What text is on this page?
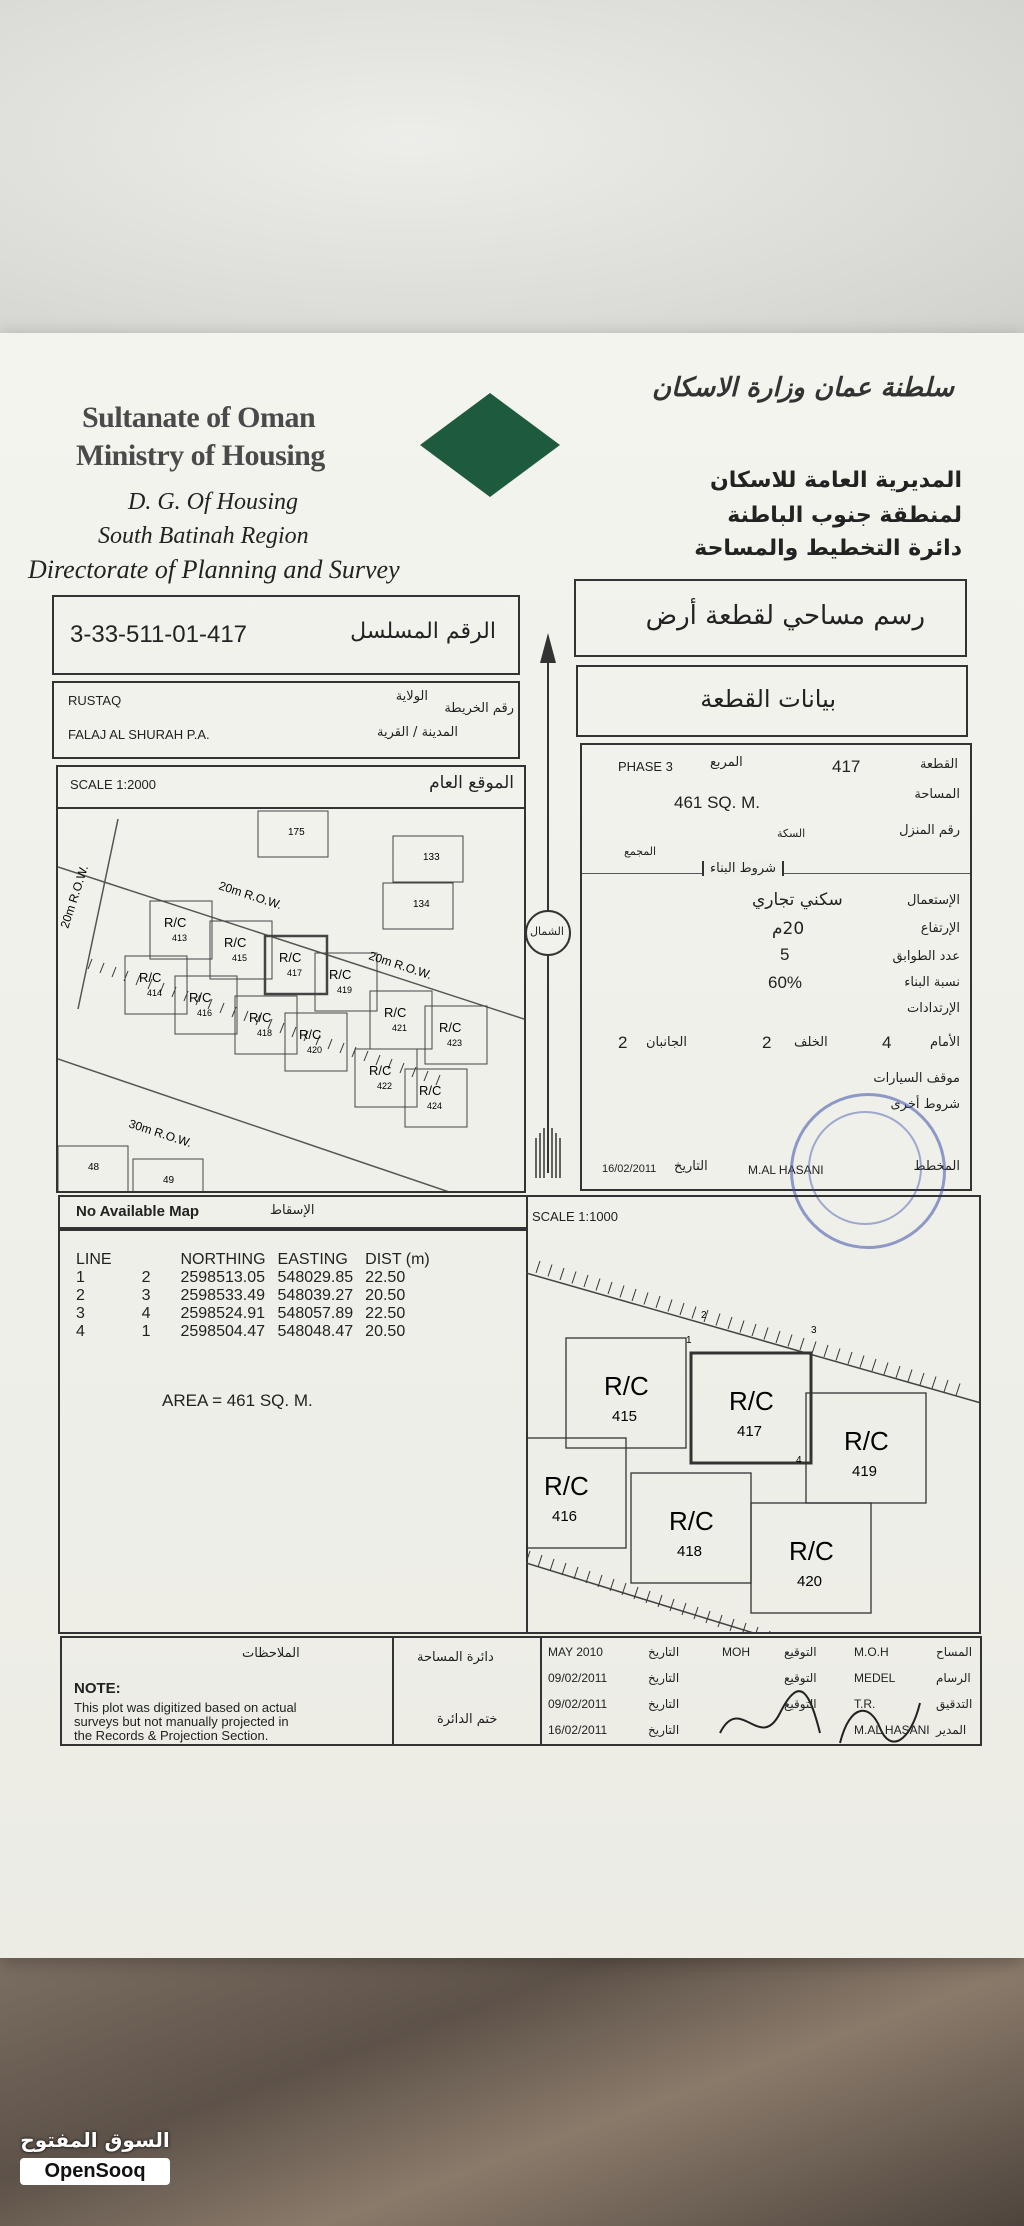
Sultanate of Oman
Ministry of Housing
D. G. Of Housing
South Batinah Region
Directorate of Planning and Survey
سلطنة عمان وزارة الاسكان
المديرية العامة للاسكان
لمنطقة جنوب الباطنة
دائرة التخطيط والمساحة
3-33-511-01-417	الرقم المسلسل
رسم مساحي لقطعة أرض
RUSTAQ
FALAJ AL SHURAH P.A.
الولاية
رقم الخريطة
المدينة / القرية
بيانات القطعة
SCALE 1:2000	الموقع العام
175
133
134
48
49
R/C
413	R/C
415 R/C
417 R/C
419
R/C
414 R/C
416	R/C
418 R/C
420
R/C
421 R/C
423
R/C
422 R/C
424
20m R.O.W.
20m R.O.W.
20m R.O.W.
30m R.O.W.
الشمال
PHASE 3	المربع	417	القطعة
461 SQ. M.	المساحة
رقم المنزل
السكة
المجمع
شروط البناء
الإستعمال
سكني تجاري
الإرتفاع
20م
عدد الطوابق
5
نسبة البناء
60%
الإرتدادات
الأمام
4
الخلف
2
الجانبان
2
موقف السيارات
شروط أخرى
16/02/2011 التاريخ	M.AL HASANI	المخطط
No Available Map	الإسقاط
LINE		NORTHING	EASTING	DIST (m)
1	2	2598513.05	548029.85	22.50
2	3	2598533.49	548039.27	20.50
3	4	2598524.91	548057.89	22.50
4	1	2598504.47	548048.47	20.50
AREA = 461 SQ. M.
SCALE 1:1000
R/C
415
R/C
417	R/C
419
R/C
416	R/C
418	R/C
420
1
2
3
4
الملاحظات
NOTE:
This plot was digitized based on actual
surveys but not manually projected in
the Records & Projection Section.
دائرة المساحة
ختم الدائرة
MAY 2010	التاريخ	MOH	التوقيع	M.O.H	المساح
09/02/2011	التاريخ	التوقيع	MEDEL	الرسام
09/02/2011	التاريخ	التوقيع	T.R.	التدقيق
16/02/2011	التاريخ	M.AL HASANI المدير
السوق المفتوح
OpenSooq
